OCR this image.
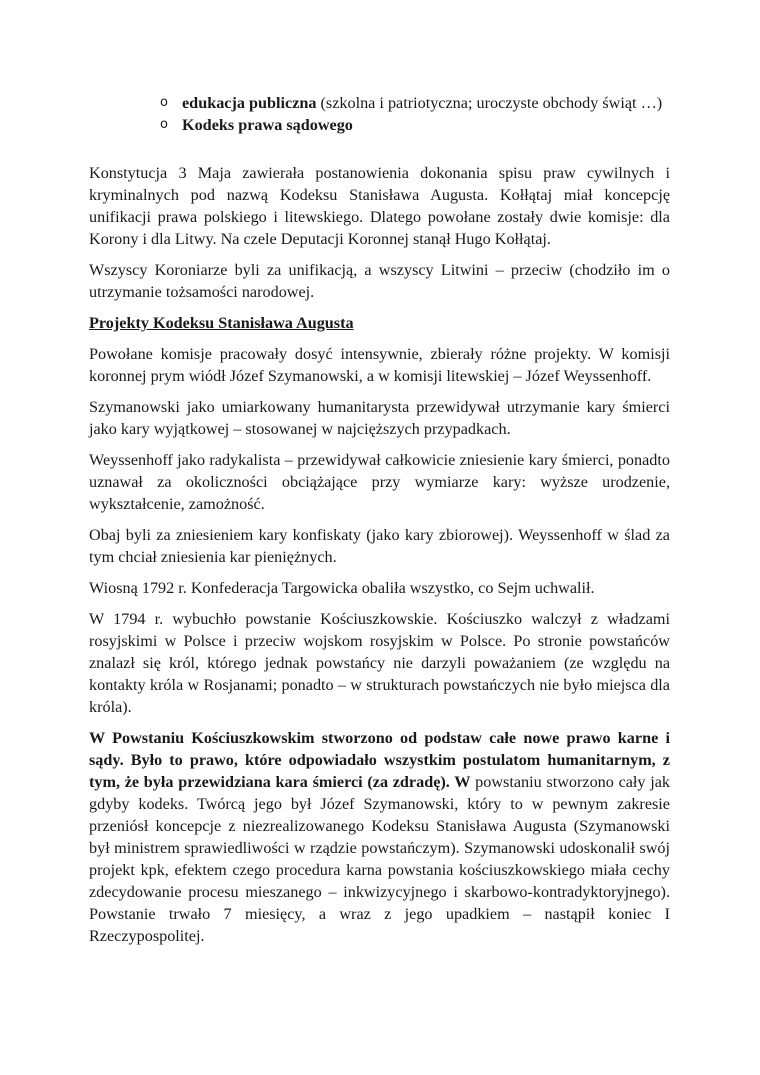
o edukacja publiczna (szkolna i patriotyczna; uroczyste obchody świąt …)
o Kodeks prawa sądowego

Konstytucja 3 Maja zawierała postanowienia dokonania spisu praw cywilnych i kryminalnych pod nazwą Kodeksu Stanisława Augusta. Kołłątaj miał koncepcję unifikacji prawa polskiego i litewskiego. Dlatego powołane zostały dwie komisje: dla Korony i dla Litwy. Na czele Deputacji Koronnej stanął Hugo Kołłątaj.

Wszyscy Koroniarze byli za unifikacją, a wszyscy Litwini – przeciw (chodziło im o utrzymanie tożsamości narodowej.

Projekty Kodeksu Stanisława Augusta

Powołane komisje pracowały dosyć intensywnie, zbierały różne projekty. W komisji koronnej prym wiódł Józef Szymanowski, a w komisji litewskiej – Józef Weyssenhoff.

Szymanowski jako umiarkowany humanitarysta przewidywał utrzymanie kary śmierci jako kary wyjątkowej – stosowanej w najcięższych przypadkach.

Weyssenhoff jako radykalista – przewidywał całkowicie zniesienie kary śmierci, ponadto uznawał za okoliczności obciążające przy wymiarze kary: wyższe urodzenie, wykształcenie, zamożność.

Obaj byli za zniesieniem kary konfiskaty (jako kary zbiorowej). Weyssenhoff w ślad za tym chciał zniesienia kar pieniężnych.

Wiosną 1792 r. Konfederacja Targowicka obaliła wszystko, co Sejm uchwalił.

W 1794 r. wybuchło powstanie Kościuszkowskie. Kościuszko walczył z władzami rosyjskimi w Polsce i przeciw wojskom rosyjskim w Polsce. Po stronie powstańców znalazł się król, którego jednak powstańcy nie darzyli poważaniem (ze względu na kontakty króla w Rosjanami; ponadto – w strukturach powstańczych nie było miejsca dla króla).

W Powstaniu Kościuszkowskim stworzono od podstaw całe nowe prawo karne i sądy. Było to prawo, które odpowiadało wszystkim postulatom humanitarnym, z tym, że była przewidziana kara śmierci (za zdradę). W powstaniu stworzono cały jak gdyby kodeks. Twórcą jego był Józef Szymanowski, który to w pewnym zakresie przeniósł koncepcje z niezrealizowanego Kodeksu Stanisława Augusta (Szymanowski był ministrem sprawiedliwości w rządzie powstańczym). Szymanowski udoskonalił swój projekt kpk, efektem czego procedura karna powstania kościuszkowskiego miała cechy zdecydowanie procesu mieszanego – inkwizycyjnego i skarbowo-kontradyktoryjnego). Powstanie trwało 7 miesięcy, a wraz z jego upadkiem – nastąpił koniec I Rzeczypospolitej.
